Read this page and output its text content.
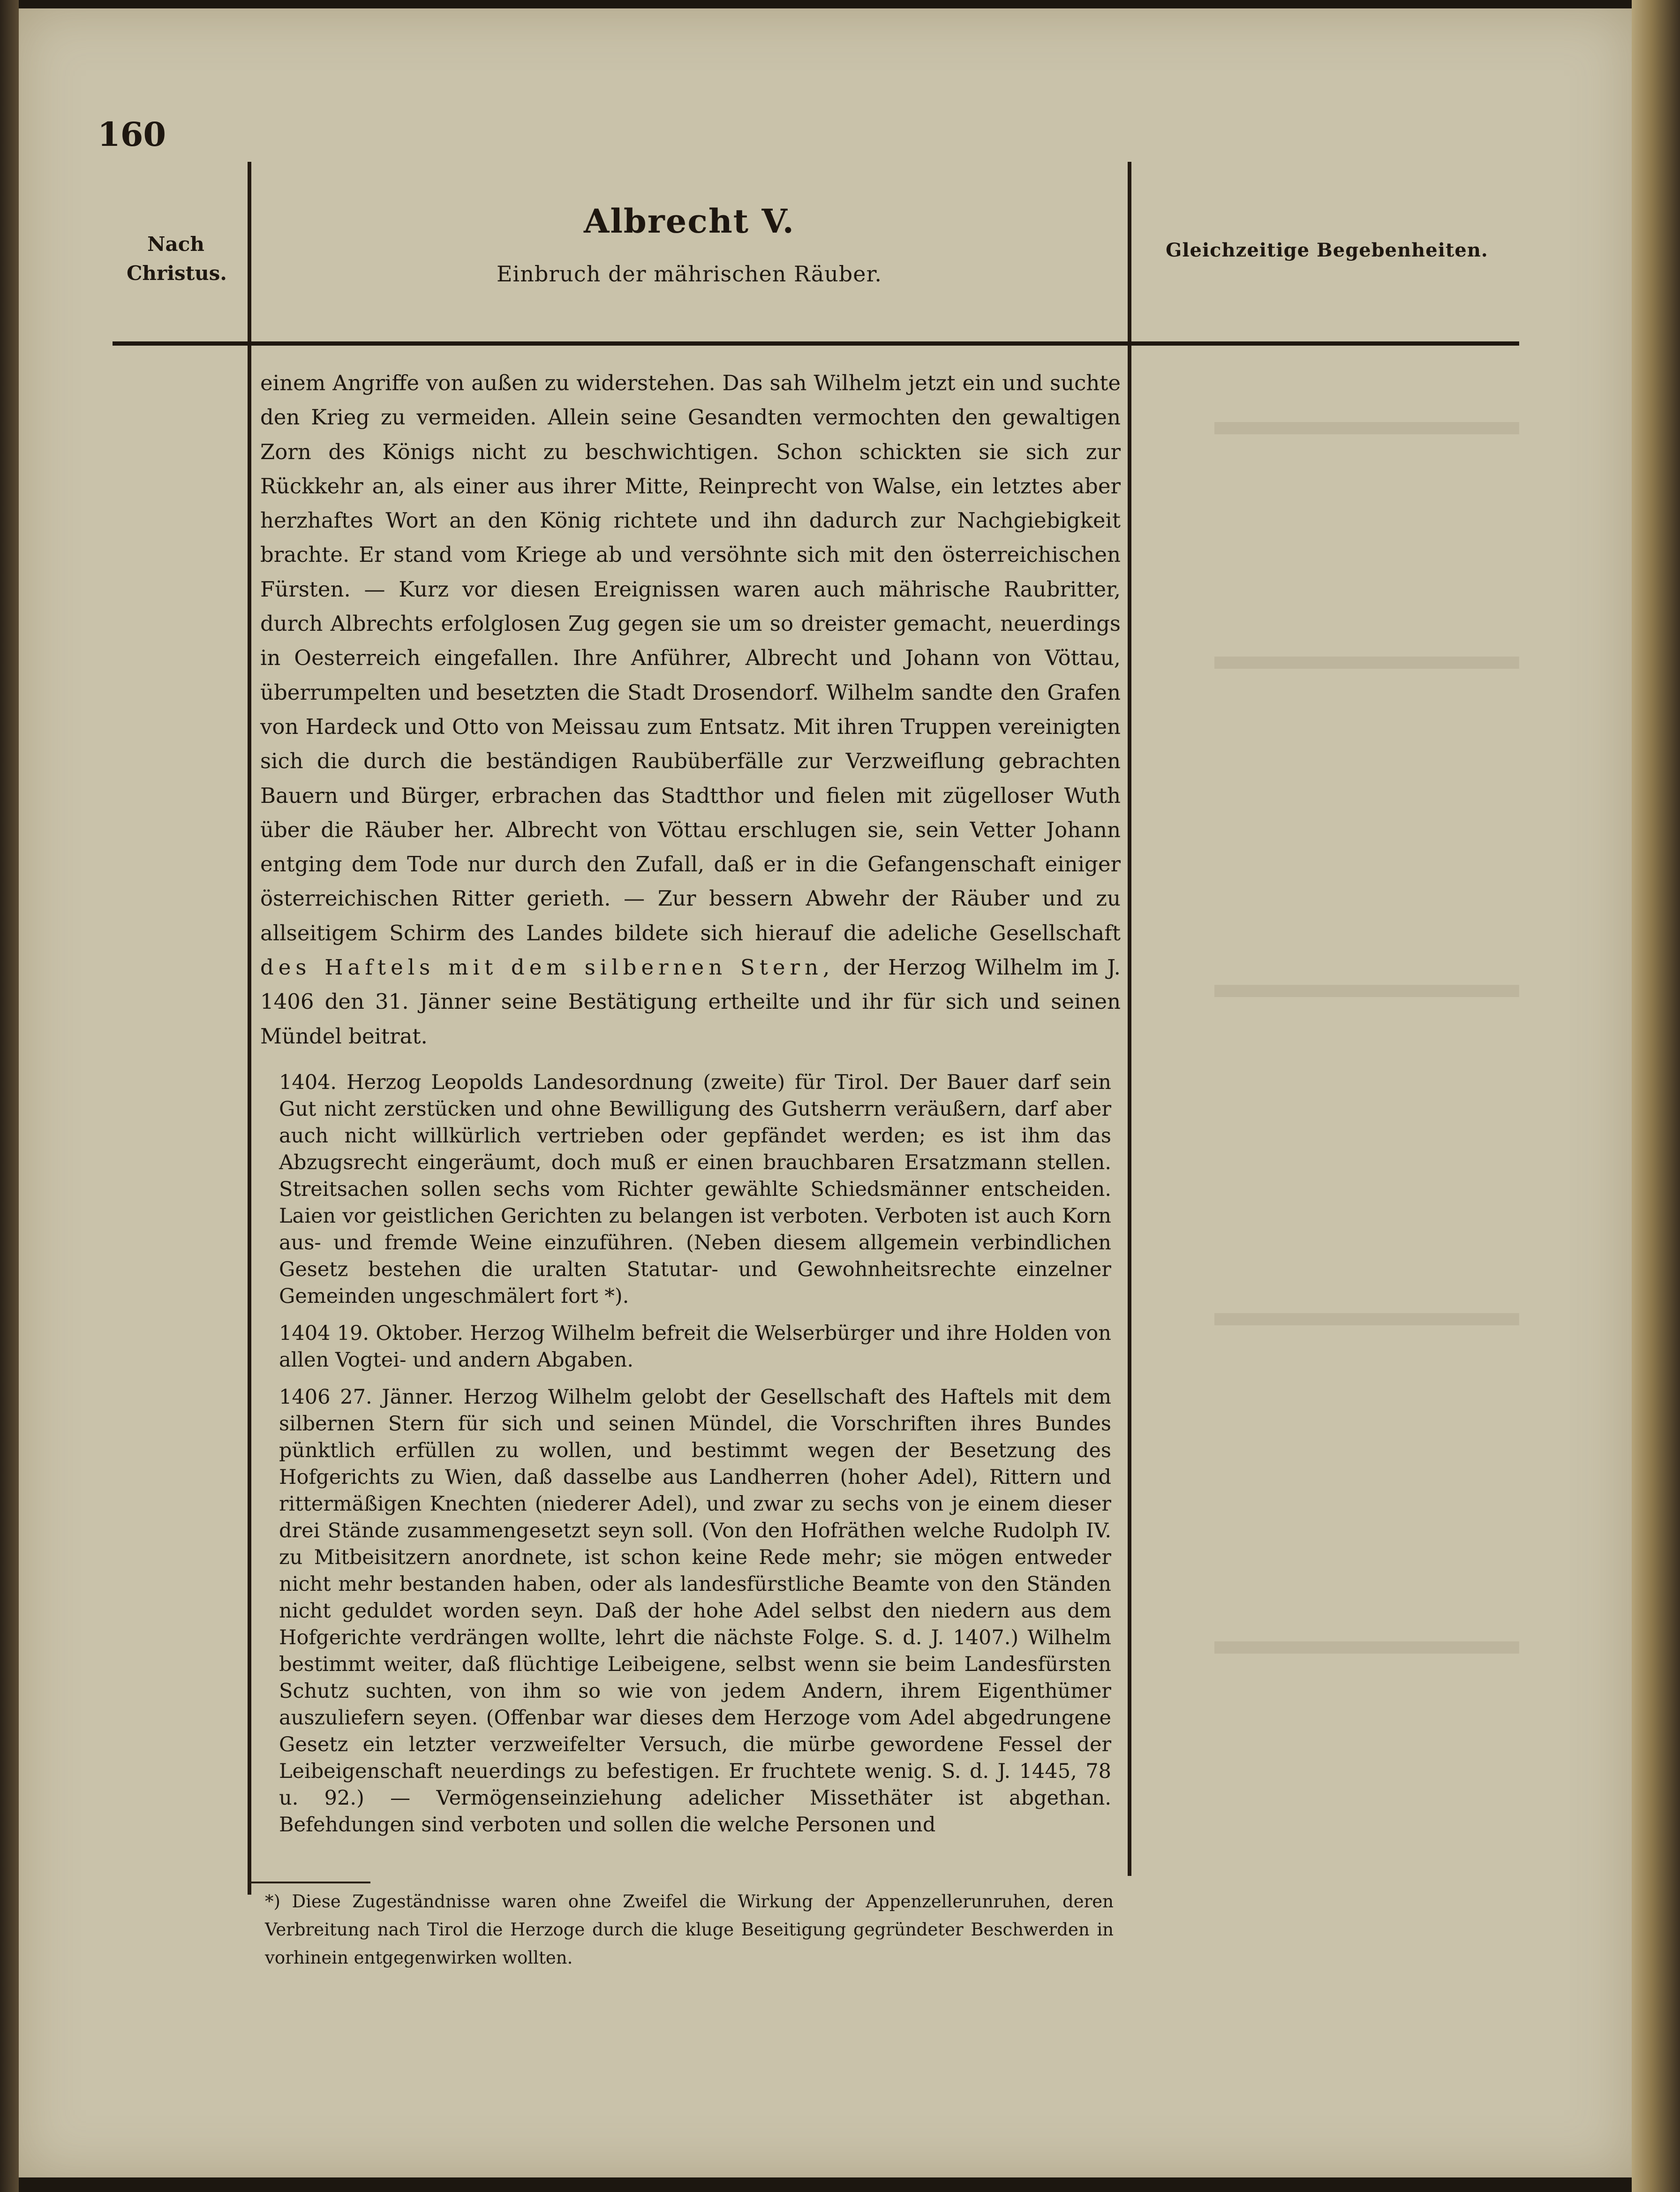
160
Nach
Christus.
Albrecht V.
Einbruch der mährischen Räuber.
Gleichzeitige Begebenheiten.
einem Angriffe von außen zu widerstehen. Das sah Wilhelm jetzt ein und suchte den Krieg zu vermeiden. Allein seine Gesandten vermochten den gewaltigen Zorn des Königs nicht zu beschwichtigen. Schon schickten sie sich zur Rückkehr an, als einer aus ihrer Mitte, Reinprecht von Walse, ein letztes aber herzhaftes Wort an den König richtete und ihn dadurch zur Nachgiebigkeit brachte. Er stand vom Kriege ab und versöhnte sich mit den österreichischen Fürsten. — Kurz vor diesen Ereignissen waren auch mährische Raubritter, durch Albrechts erfolglosen Zug gegen sie um so dreister gemacht, neuerdings in Oesterreich eingefallen. Ihre Anführer, Albrecht und Johann von Vöttau, überrumpelten und besetzten die Stadt Drosendorf. Wilhelm sandte den Grafen von Hardeck und Otto von Meissau zum Entsatz. Mit ihren Truppen vereinigten sich die durch die beständigen Raubüberfälle zur Verzweiflung gebrachten Bauern und Bürger, erbrachen das Stadtthor und fielen mit zügelloser Wuth über die Räuber her. Albrecht von Vöttau erschlugen sie, sein Vetter Johann entging dem Tode nur durch den Zufall, daß er in die Gefangenschaft einiger österreichischen Ritter gerieth. — Zur bessern Abwehr der Räuber und zu allseitigem Schirm des Landes bildete sich hierauf die adeliche Gesellschaft des Haftels mit dem silbernen Stern, der Herzog Wilhelm im J. 1406 den 31. Jänner seine Bestätigung ertheilte und ihr für sich und seinen Mündel beitrat.
1404. Herzog Leopolds Landesordnung (zweite) für Tirol. Der Bauer darf sein Gut nicht zerstücken und ohne Bewilligung des Gutsherrn veräußern, darf aber auch nicht willkürlich vertrieben oder gepfändet werden; es ist ihm das Abzugsrecht eingeräumt, doch muß er einen brauchbaren Ersatzmann stellen. Streitsachen sollen sechs vom Richter gewählte Schiedsmänner entscheiden. Laien vor geistlichen Gerichten zu belangen ist verboten. Verboten ist auch Korn aus- und fremde Weine einzuführen. (Neben diesem allgemein verbindlichen Gesetz bestehen die uralten Statutar- und Gewohnheitsrechte einzelner Gemeinden ungeschmälert fort *).
1404 19. Oktober. Herzog Wilhelm befreit die Welserbürger und ihre Holden von allen Vogtei- und andern Abgaben.
1406 27. Jänner. Herzog Wilhelm gelobt der Gesellschaft des Haftels mit dem silbernen Stern für sich und seinen Mündel, die Vorschriften ihres Bundes pünktlich erfüllen zu wollen, und bestimmt wegen der Besetzung des Hofgerichts zu Wien, daß dasselbe aus Landherren (hoher Adel), Rittern und rittermäßigen Knechten (niederer Adel), und zwar zu sechs von je einem dieser drei Stände zusammengesetzt seyn soll. (Von den Hofräthen welche Rudolph IV. zu Mitbeisitzern anordnete, ist schon keine Rede mehr; sie mögen entweder nicht mehr bestanden haben, oder als landesfürstliche Beamte von den Ständen nicht geduldet worden seyn. Daß der hohe Adel selbst den niedern aus dem Hofgerichte verdrängen wollte, lehrt die nächste Folge. S. d. J. 1407.) Wilhelm bestimmt weiter, daß flüchtige Leibeigene, selbst wenn sie beim Landesfürsten Schutz suchten, von ihm so wie von jedem Andern, ihrem Eigenthümer auszuliefern seyen. (Offenbar war dieses dem Herzoge vom Adel abgedrungene Gesetz ein letzter verzweifelter Versuch, die mürbe gewordene Fessel der Leibeigenschaft neuerdings zu befestigen. Er fruchtete wenig. S. d. J. 1445, 78 u. 92.) — Vermögenseinziehung adelicher Missethäter ist abgethan. Befehdungen sind verboten und sollen die welche Personen und
*) Diese Zugeständnisse waren ohne Zweifel die Wirkung der Appenzellerunruhen, deren Verbreitung nach Tirol die Herzoge durch die kluge Beseitigung gegründeter Beschwerden in vorhinein entgegenwirken wollten.
